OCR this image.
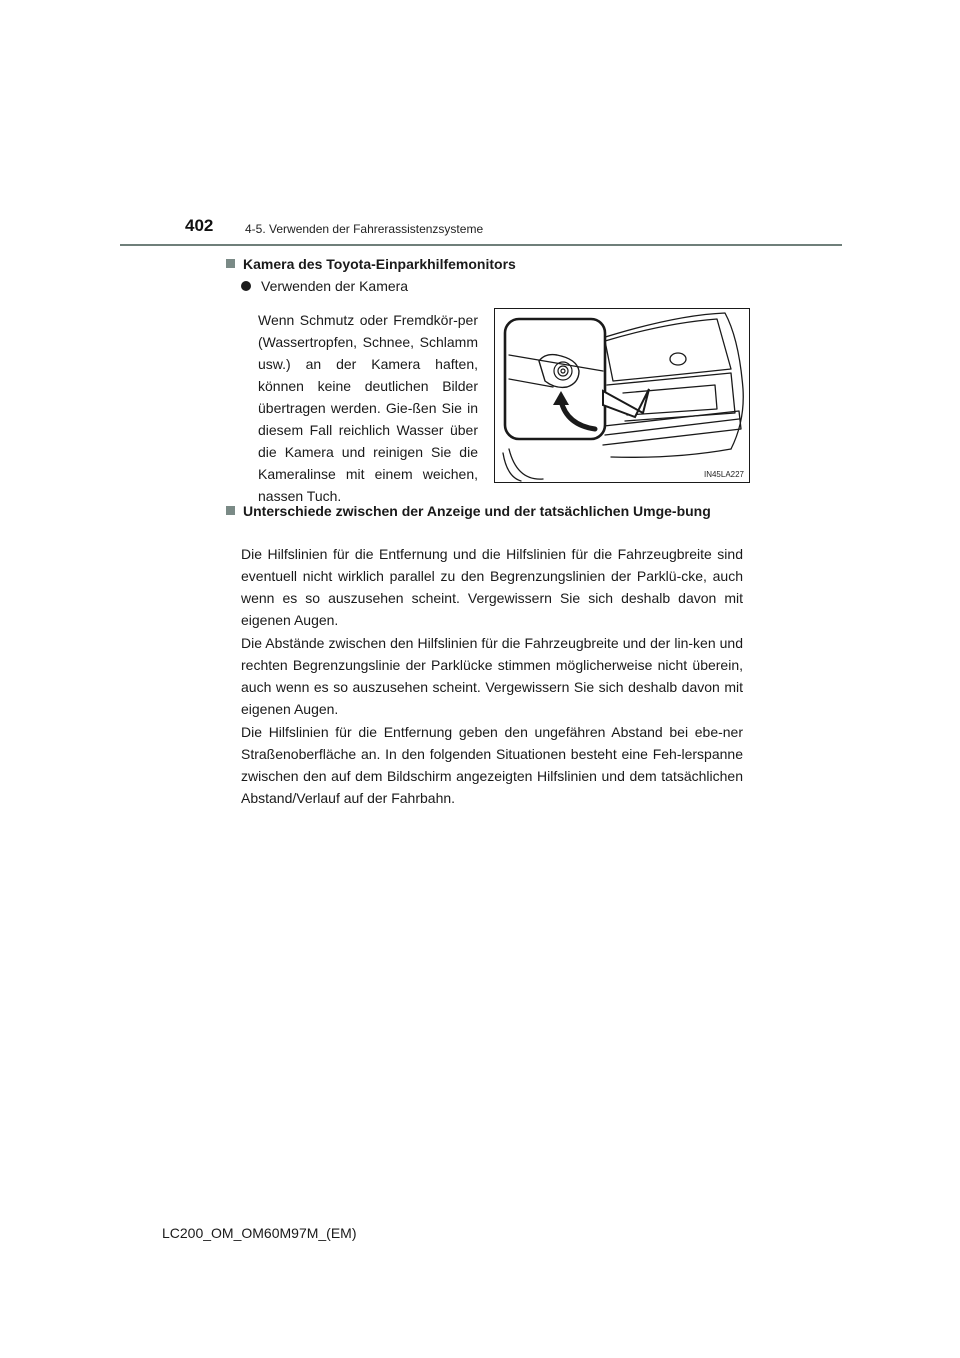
402	4-5. Verwenden der Fahrerassistenzsysteme
Kamera des Toyota-Einparkhilfemonitors
Verwenden der Kamera

Wenn Schmutz oder Fremdkör-per (Wassertropfen, Schnee, Schlamm usw.) an der Kamera haften, können keine deutlichen Bilder übertragen werden. Gie-ßen Sie in diesem Fall reichlich Wasser über die Kamera und reinigen Sie die Kameralinse mit einem weichen, nassen Tuch.

IN45LA227
Unterschiede zwischen der Anzeige und der tatsächlichen Umge-bung

Die Hilfslinien für die Entfernung und die Hilfslinien für die Fahrzeugbreite sind eventuell nicht wirklich parallel zu den Begrenzungslinien der Parklü-cke, auch wenn es so auszusehen scheint. Vergewissern Sie sich deshalb davon mit eigenen Augen.

Die Abstände zwischen den Hilfslinien für die Fahrzeugbreite und der lin-ken und rechten Begrenzungslinie der Parklücke stimmen möglicherweise nicht überein, auch wenn es so auszusehen scheint. Vergewissern Sie sich deshalb davon mit eigenen Augen.

Die Hilfslinien für die Entfernung geben den ungefähren Abstand bei ebe-ner Straßenoberfläche an. In den folgenden Situationen besteht eine Feh-lerspanne zwischen den auf dem Bildschirm angezeigten Hilfslinien und dem tatsächlichen Abstand/Verlauf auf der Fahrbahn.

LC200_OM_OM60M97M_(EM)
